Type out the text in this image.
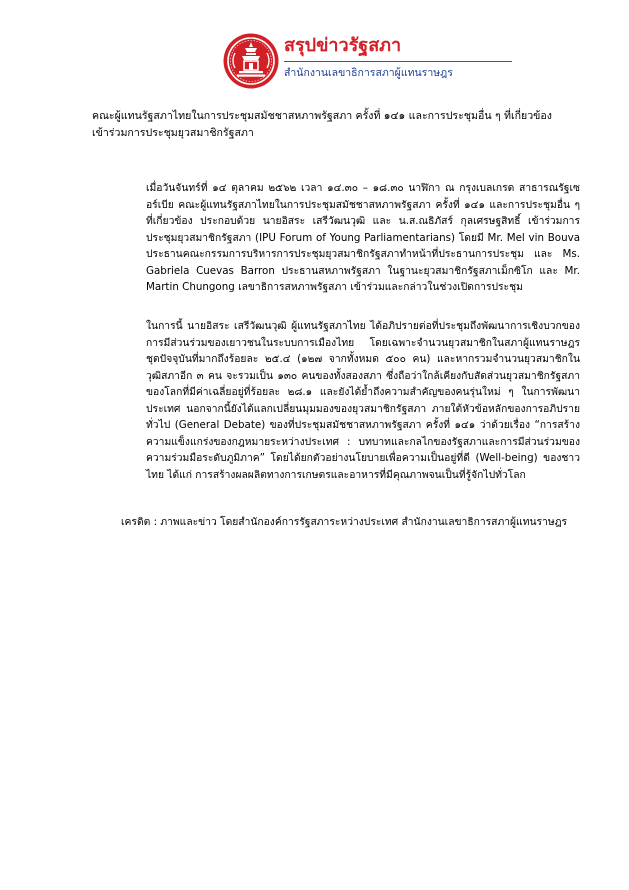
สรุปข่าวรัฐสภา
สำนักงานเลขาธิการสภาผู้แทนราษฎร

คณะผู้แทนรัฐสภาไทยในการประชุมสมัชชาสหภาพรัฐสภา ครั้งที่ ๑๔๑ และการประชุมอื่น ๆ ที่เกี่ยวข้อง

เข้าร่วมการประชุมยุวสมาชิกรัฐสภา

เมื่อวันจันทร์ที่ ๑๔ ตุลาคม ๒๕๖๒ เวลา ๑๔.๓๐ – ๑๘.๓๐ นาฬิกา ณ กรุงเบลเกรด สาธารณรัฐเซอร์เบีย คณะผู้แทนรัฐสภาไทยในการประชุมสมัชชาสหภาพรัฐสภา ครั้งที่ ๑๔๑ และการประชุมอื่น ๆ ที่เกี่ยวข้อง ประกอบด้วย นายอิสระ เสรีวัฒนวุฒิ และ น.ส.ณธิภัสร์ กุลเศรษฐสิทธิ์ เข้าร่วมการประชุมยุวสมาชิกรัฐสภา (IPU Forum of Young Parliamentarians) โดยมี Mr. Mel vin Bouva ประธานคณะกรรมการบริหารการประชุมยุวสมาชิกรัฐสภาทำหน้าที่ประธานการประชุม และ Ms. Gabriela Cuevas Barron ประธานสหภาพรัฐสภา ในฐานะยุวสมาชิกรัฐสภาเม็กซิโก และ Mr. Martin Chungong เลขาธิการสหภาพรัฐสภา เข้าร่วมและกล่าวในช่วงเปิดการประชุม

ในการนี้ นายอิสระ เสรีวัฒนวุฒิ ผู้แทนรัฐสภาไทย ได้อภิปรายต่อที่ประชุมถึงพัฒนาการเชิงบวกของการมีส่วนร่วมของเยาวชนในระบบการเมืองไทย โดยเฉพาะจำนวนยุวสมาชิกในสภาผู้แทนราษฎรชุดปัจจุบันที่มากถึงร้อยละ ๒๕.๔ (๑๒๗ จากทั้งหมด ๕๐๐ คน) และหากรวมจำนวนยุวสมาชิกในวุฒิสภาอีก ๓ คน จะรวมเป็น ๑๓๐ คนของทั้งสองสภา ซึ่งถือว่าใกล้เคียงกับสัดส่วนยุวสมาชิกรัฐสภาของโลกที่มีค่าเฉลี่ยอยู่ที่ร้อยละ ๒๘.๑ และยังได้ย้ำถึงความสำคัญของคนรุ่นใหม่ ๆ ในการพัฒนาประเทศ นอกจากนี้ยังได้แลกเปลี่ยนมุมมองของยุวสมาชิกรัฐสภา ภายใต้หัวข้อหลักของการอภิปรายทั่วไป (General Debate) ของที่ประชุมสมัชชาสหภาพรัฐสภา ครั้งที่ ๑๔๑ ว่าด้วยเรื่อง “การสร้างความแข็งแกร่งของกฎหมายระหว่างประเทศ : บทบาทและกลไกของรัฐสภาและการมีส่วนร่วมของความร่วมมือระดับภูมิภาค” โดยได้ยกตัวอย่างนโยบายเพื่อความเป็นอยู่ที่ดี (Well-being) ของชาวไทย ได้แก่ การสร้างผลผลิตทางการเกษตรและอาหารที่มีคุณภาพจนเป็นที่รู้จักไปทั่วโลก

เครดิต : ภาพและข่าว โดยสำนักองค์การรัฐสภาระหว่างประเทศ สำนักงานเลขาธิการสภาผู้แทนราษฎร
